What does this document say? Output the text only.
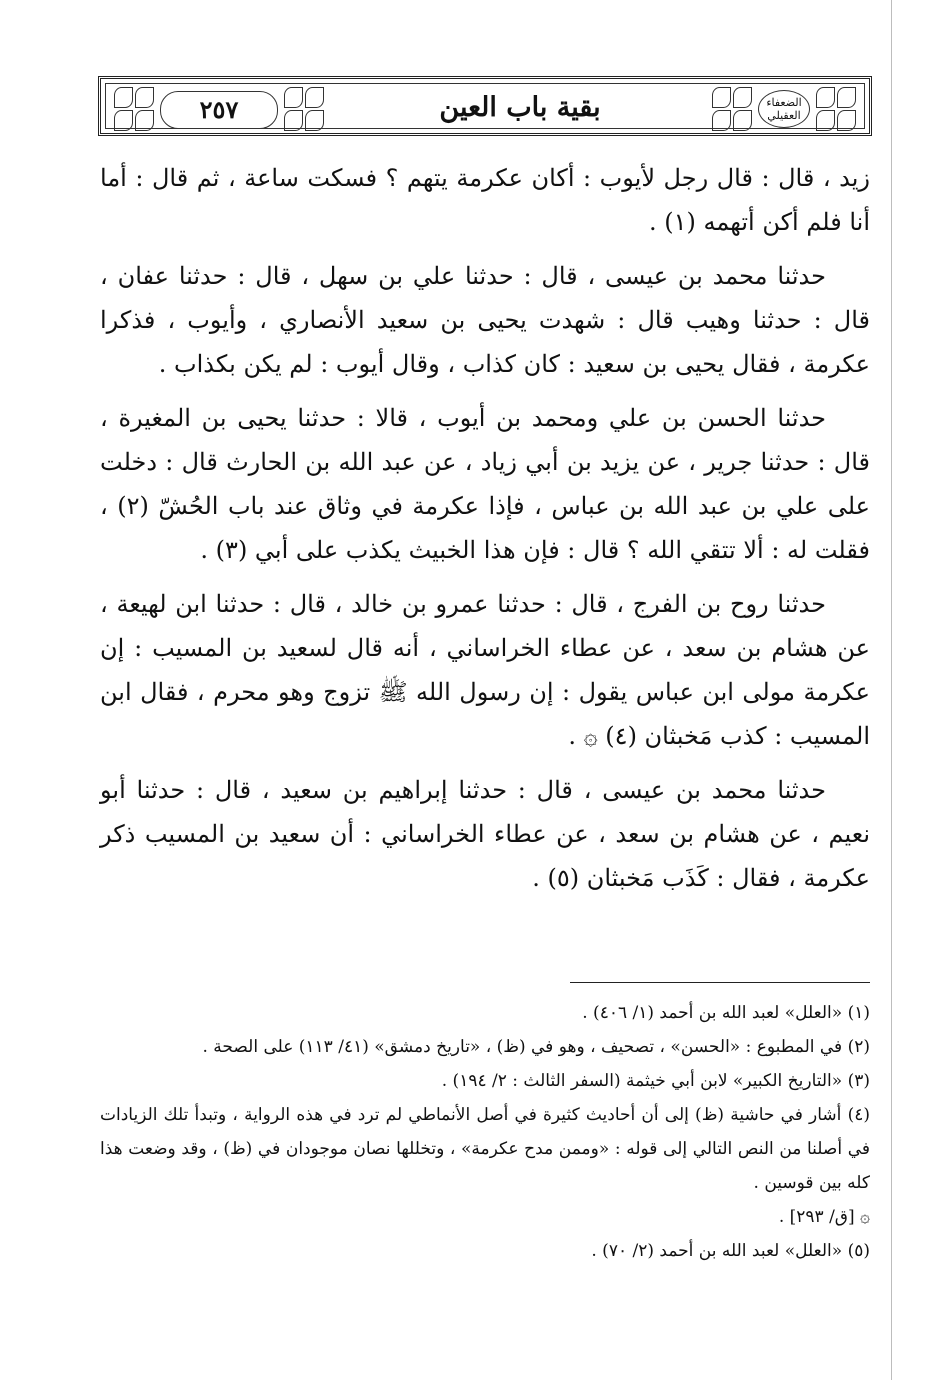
٢٥٧	بقية باب العين	الضعفاء العقيلي

زيد ، قال : قال رجل لأيوب : أكان عكرمة يتهم ؟ فسكت ساعة ، ثم قال : أما أنا فلم أكن أتهمه (١) .

حدثنا محمد بن عيسى ، قال : حدثنا علي بن سهل ، قال : حدثنا عفان ، قال : حدثنا وهيب قال : شهدت يحيى بن سعيد الأنصاري ، وأيوب ، فذكرا عكرمة ، فقال يحيى بن سعيد : كان كذاب ، وقال أيوب : لم يكن بكذاب .

حدثنا الحسن بن علي ومحمد بن أيوب ، قالا : حدثنا يحيى بن المغيرة ، قال : حدثنا جرير ، عن يزيد بن أبي زياد ، عن عبد الله بن الحارث قال : دخلت على علي بن عبد الله بن عباس ، فإذا عكرمة في وثاق عند باب الحُشّ (٢) ، فقلت له : ألا تتقي الله ؟ قال : فإن هذا الخبيث يكذب على أبي (٣) .

حدثنا روح بن الفرج ، قال : حدثنا عمرو بن خالد ، قال : حدثنا ابن لهيعة ، عن هشام بن سعد ، عن عطاء الخراساني ، أنه قال لسعيد بن المسيب : إن عكرمة مولى ابن عباس يقول : إن رسول الله ﷺ تزوج وهو محرم ، فقال ابن المسيب : كذب مَخبثان (٤) ۞ .

حدثنا محمد بن عيسى ، قال : حدثنا إبراهيم بن سعيد ، قال : حدثنا أبو نعيم ، عن هشام بن سعد ، عن عطاء الخراساني : أن سعيد بن المسيب ذكر عكرمة ، فقال : كَذَب مَخبثان (٥) .

(١) «العلل» لعبد الله بن أحمد (١/ ٤٠٦) .

(٢) في المطبوع : «الحسن» ، تصحيف ، وهو في (ظ) ، «تاريخ دمشق» (٤١/ ١١٣) على الصحة .

(٣) «التاريخ الكبير» لابن أبي خيثمة (السفر الثالث : ٢/ ١٩٤) .

(٤) أشار في حاشية (ظ) إلى أن أحاديث كثيرة في أصل الأنماطي لم ترد في هذه الرواية ، وتبدأ تلك الزيادات في أصلنا من النص التالي إلى قوله : «وممن مدح عكرمة» ، وتخللها نصان موجودان في (ظ) ، وقد وضعت هذا كله بين قوسين .

۞ [ق/ ٢٩٣] .

(٥) «العلل» لعبد الله بن أحمد (٢/ ٧٠) .
